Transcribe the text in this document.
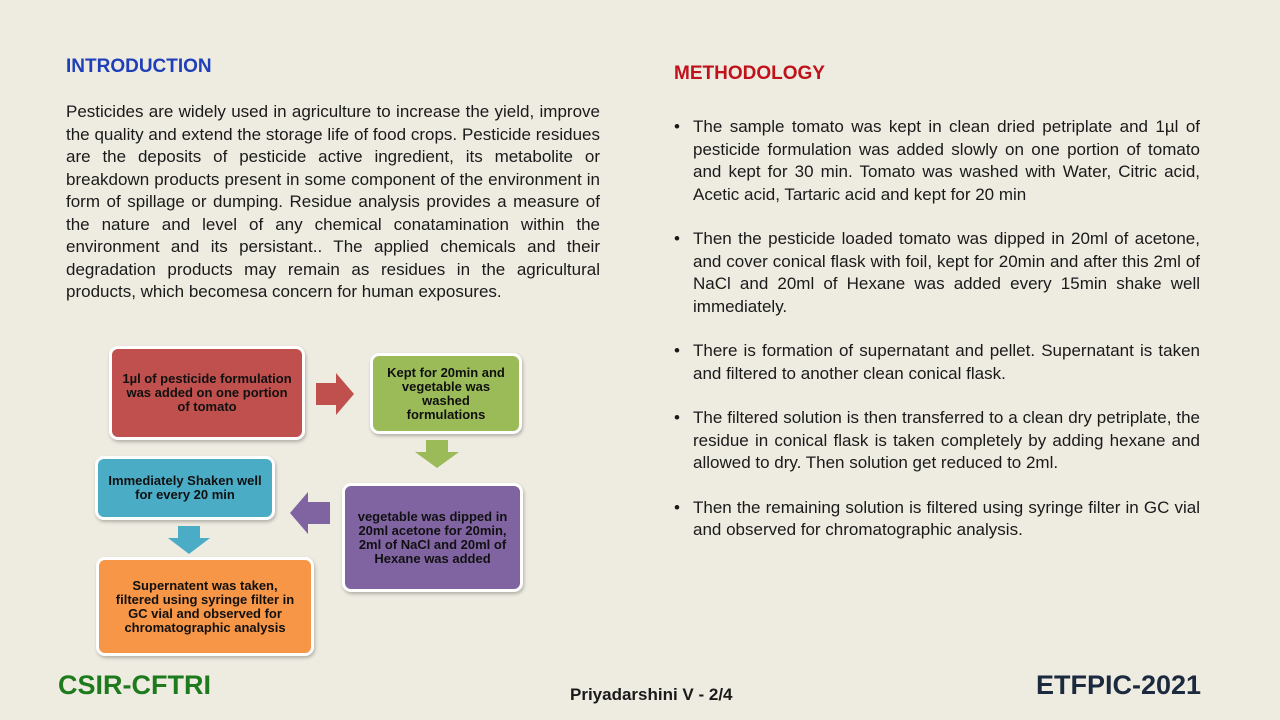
INTRODUCTION

Pesticides are widely used in agriculture to increase the yield, improve the quality and extend the storage life of food crops. Pesticide residues are the deposits of pesticide active ingredient, its metabolite or breakdown products present in some component of the environment in form of spillage or dumping. Residue analysis provides a measure of the nature and level of any chemical conatamination within the environment and its persistant.. The applied chemicals and their degradation products may remain as residues in the agricultural products, which becomesa concern for human exposures.

1µl of pesticide formulation was added on one portion of tomato
Kept for 20min and vegetable was washed formulations
vegetable was dipped in 20ml acetone for 20min, 2ml of NaCl and 20ml of Hexane was added
Immediately Shaken well for every 20 min
Supernatent was taken, filtered using syringe filter in GC vial and observed for chromatographic analysis
METHODOLOGY
• The sample tomato was kept in clean dried petriplate and 1µl of pesticide formulation was added slowly on one portion of tomato and kept for 30 min. Tomato was washed with Water, Citric acid, Acetic acid, Tartaric acid and kept for 20 min
• Then the pesticide loaded tomato was dipped in 20ml of acetone, and cover conical flask with foil, kept for 20min and after this 2ml of NaCl and 20ml of Hexane was added every 15min shake well immediately.
• There is formation of supernatant and pellet. Supernatant is taken and filtered to another clean conical flask.
• The filtered solution is then transferred to a clean dry petriplate, the residue in conical flask is taken completely by adding hexane and allowed to dry. Then solution get reduced to 2ml.
• Then the remaining solution is filtered using syringe filter in GC vial and observed for chromatographic analysis.
CSIR-CFTRI	Priyadarshini V - 2/4	ETFPIC-2021
